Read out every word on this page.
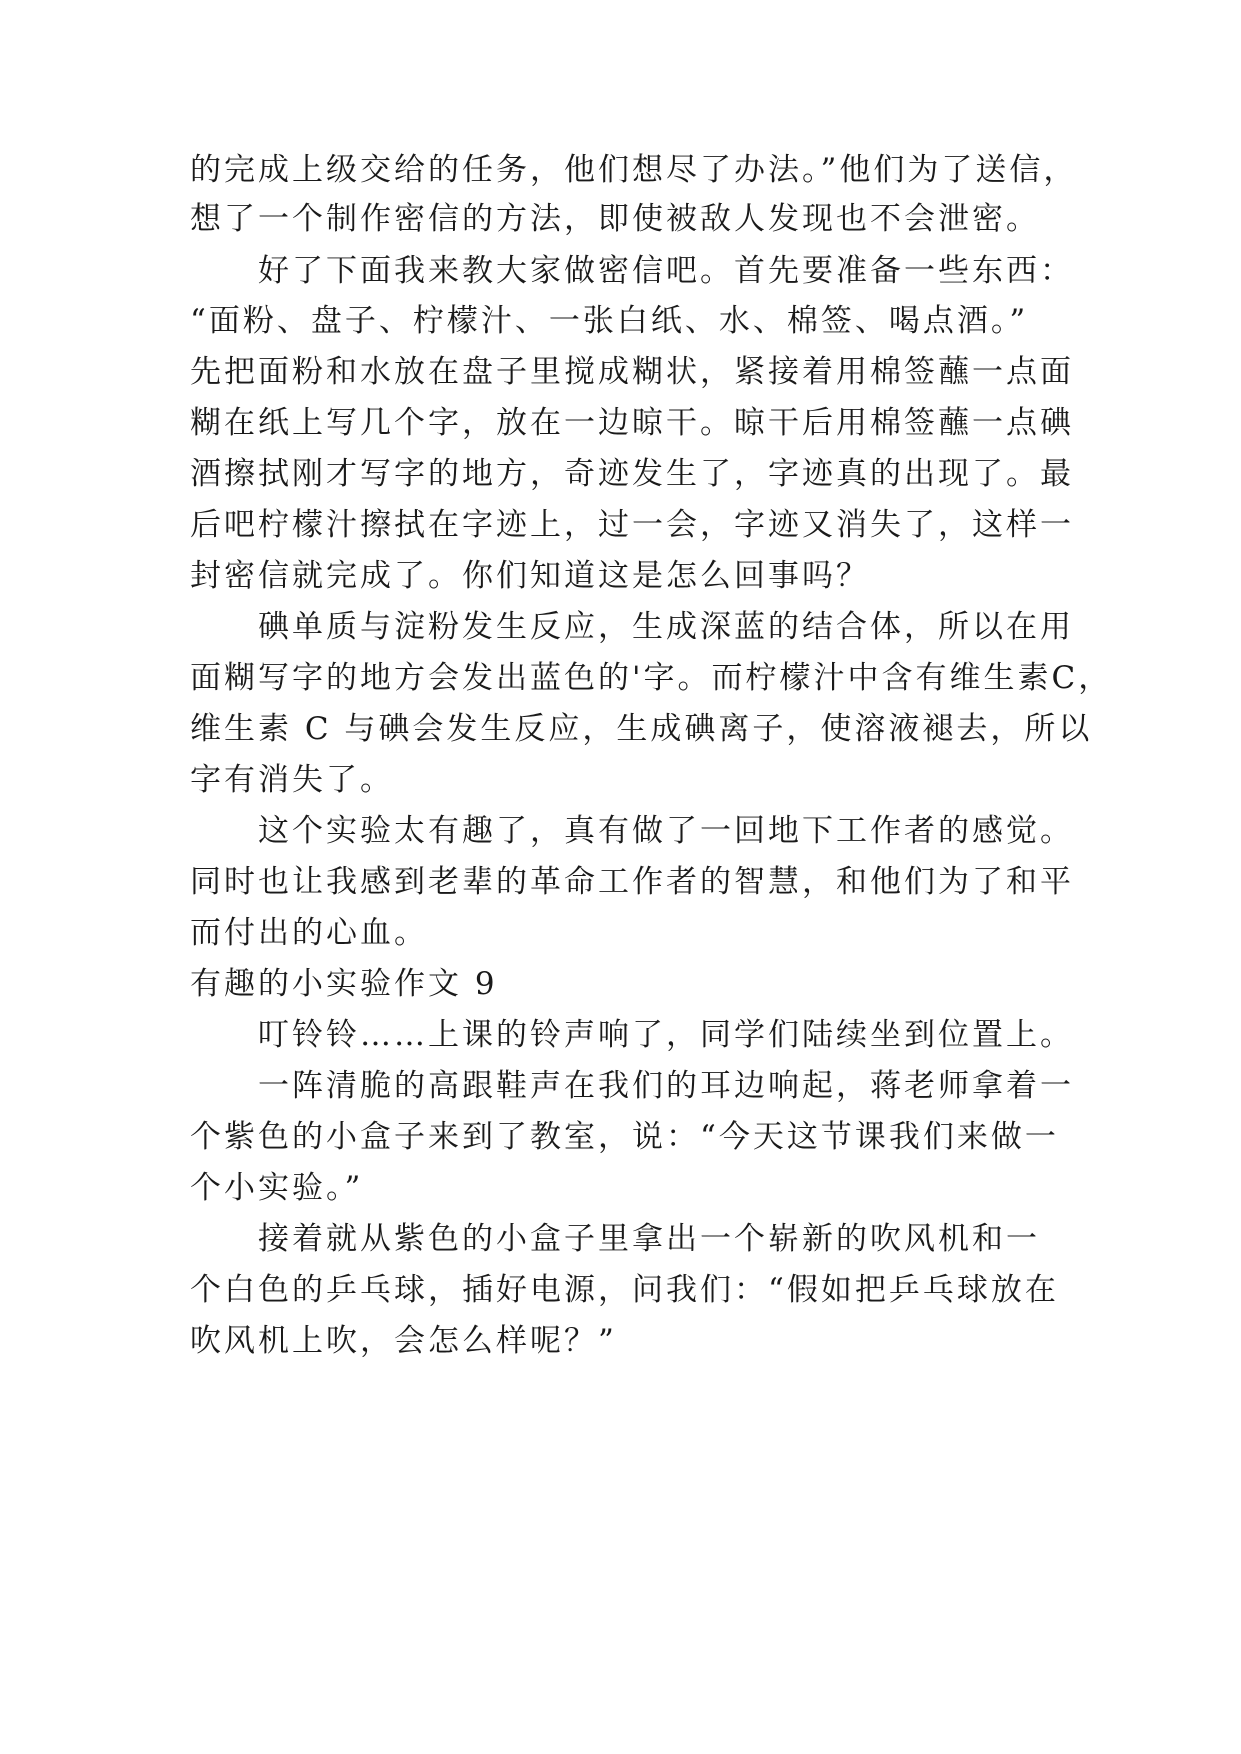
的完成上级交给的任务，他们想尽了办法。”他们为了送信，
想了一个制作密信的方法，即使被敌人发现也不会泄密。
好了下面我来教大家做密信吧。首先要准备一些东西：
“面粉、盘子、柠檬汁、一张白纸、水、棉签、喝点酒。”
先把面粉和水放在盘子里搅成糊状，紧接着用棉签蘸一点面
糊在纸上写几个字，放在一边晾干。晾干后用棉签蘸一点碘
酒擦拭刚才写字的地方，奇迹发生了，字迹真的出现了。最
后吧柠檬汁擦拭在字迹上，过一会，字迹又消失了，这样一
封密信就完成了。你们知道这是怎么回事吗？
碘单质与淀粉发生反应，生成深蓝的结合体，所以在用
面糊写字的地方会发出蓝色的'字。而柠檬汁中含有维生素C，
维生素 C 与碘会发生反应，生成碘离子，使溶液褪去，所以
字有消失了。
这个实验太有趣了，真有做了一回地下工作者的感觉。
同时也让我感到老辈的革命工作者的智慧，和他们为了和平
而付出的心血。
有趣的小实验作文 9
叮铃铃……上课的铃声响了，同学们陆续坐到位置上。
一阵清脆的高跟鞋声在我们的耳边响起，蒋老师拿着一
个紫色的小盒子来到了教室，说：“今天这节课我们来做一
个小实验。”
接着就从紫色的小盒子里拿出一个崭新的吹风机和一
个白色的乒乓球，插好电源，问我们：“假如把乒乓球放在
吹风机上吹，会怎么样呢？”
